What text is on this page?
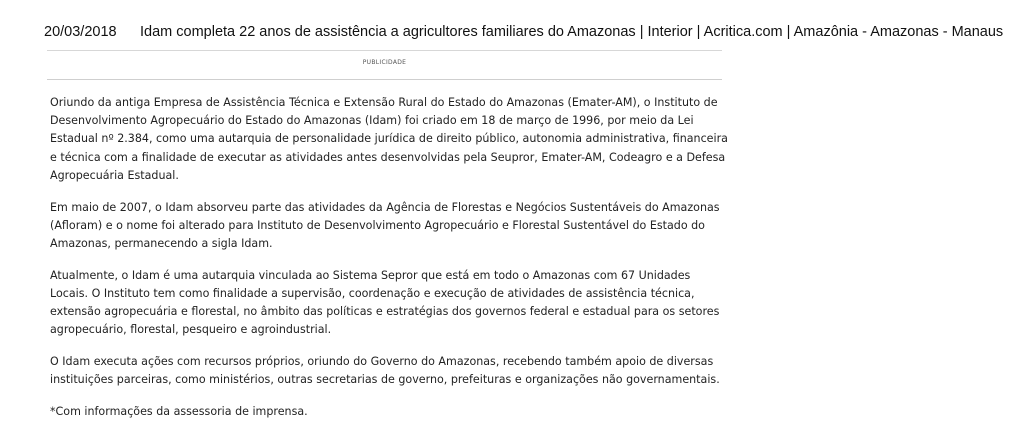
20/03/2018	Idam completa 22 anos de assistência a agricultores familiares do Amazonas | Interior | Acritica.com | Amazônia - Amazonas - Manaus
PUBLICIDADE

Oriundo da antiga Empresa de Assistência Técnica e Extensão Rural do Estado do Amazonas (Emater-AM), o Instituto de Desenvolvimento Agropecuário do Estado do Amazonas (Idam) foi criado em 18 de março de 1996, por meio da Lei Estadual nº 2.384, como uma autarquia de personalidade jurídica de direito público, autonomia administrativa, financeira e técnica com a finalidade de executar as atividades antes desenvolvidas pela Seupror, Emater-AM, Codeagro e a Defesa Agropecuária Estadual.

Em maio de 2007, o Idam absorveu parte das atividades da Agência de Florestas e Negócios Sustentáveis do Amazonas (Afloram) e o nome foi alterado para Instituto de Desenvolvimento Agropecuário e Florestal Sustentável do Estado do Amazonas, permanecendo a sigla Idam.

Atualmente, o Idam é uma autarquia vinculada ao Sistema Sepror que está em todo o Amazonas com 67 Unidades Locais. O Instituto tem como finalidade a supervisão, coordenação e execução de atividades de assistência técnica, extensão agropecuária e florestal, no âmbito das políticas e estratégias dos governos federal e estadual para os setores agropecuário, florestal, pesqueiro e agroindustrial.

O Idam executa ações com recursos próprios, oriundo do Governo do Amazonas, recebendo também apoio de diversas instituições parceiras, como ministérios, outras secretarias de governo, prefeituras e organizações não governamentais.

*Com informações da assessoria de imprensa.
